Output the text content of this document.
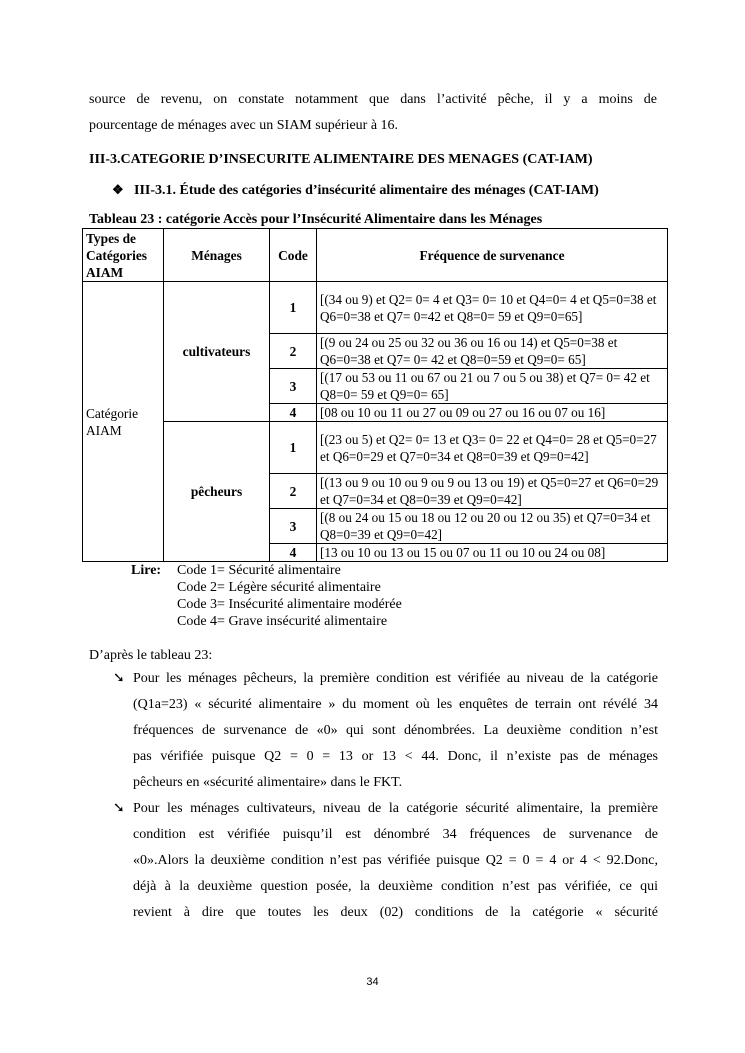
source de revenu, on constate notamment que dans l’activité pêche, il y a moins de
pourcentage de ménages avec un SIAM supérieur à 16.
III-3.CATEGORIE D’INSECURITE ALIMENTAIRE DES MENAGES (CAT-IAM)
❖ III-3.1. Étude des catégories d’insécurité alimentaire des ménages (CAT-IAM)
Tableau 23 : catégorie Accès pour l’Insécurité Alimentaire dans les Ménages
Types de
Catégories
AIAM	Ménages	Code	Fréquence de survenance

Catégorie
AIAM	cultivateurs	1	[(34 ou 9) et Q2= 0= 4 et Q3= 0= 10 et Q4=0= 4 et Q5=0=38 et Q6=0=38 et Q7= 0=42 et Q8=0= 59 et Q9=0=65]
		2	[(9 ou 24 ou 25 ou 32 ou 36 ou 16 ou 14) et Q5=0=38 et Q6=0=38 et Q7= 0= 42 et Q8=0=59 et Q9=0= 65]
		3	[(17 ou 53 ou 11 ou 67 ou 21 ou 7 ou 5 ou 38) et Q7= 0= 42 et Q8=0= 59 et Q9=0= 65]
		4	[08 ou 10 ou 11 ou 27 ou 09 ou 27 ou 16 ou 07 ou 16]
	pêcheurs	1	[(23 ou 5) et Q2= 0= 13 et Q3= 0= 22 et Q4=0= 28 et Q5=0=27 et Q6=0=29 et Q7=0=34 et Q8=0=39 et Q9=0=42]
		2	[(13 ou 9 ou 10 ou 9 ou 9 ou 13 ou 19) et Q5=0=27 et Q6=0=29 et Q7=0=34 et Q8=0=39 et Q9=0=42]
		3	[(8 ou 24 ou 15 ou 18 ou 12 ou 20 ou 12 ou 35) et Q7=0=34 et Q8=0=39 et Q9=0=42]
		4	[13 ou 10 ou 13 ou 15 ou 07 ou 11 ou 10 ou 24 ou 08]
Lire:	Code 1= Sécurité alimentaire
Code 2= Légère sécurité alimentaire
Code 3= Insécurité alimentaire modérée
Code 4= Grave insécurité alimentaire
D’après le tableau 23:
➘ Pour les ménages pêcheurs, la première condition est vérifiée au niveau de la catégorie
(Q1a=23) « sécurité alimentaire » du moment où les enquêtes de terrain ont révélé 34
fréquences de survenance de «0» qui sont dénombrées. La deuxième condition n’est
pas vérifiée puisque Q2 = 0 = 13 or 13 < 44. Donc, il n’existe pas de ménages
pêcheurs en «sécurité alimentaire» dans le FKT.
➘ Pour les ménages cultivateurs, niveau de la catégorie sécurité alimentaire, la première
condition est vérifiée puisqu’il est dénombré 34 fréquences de survenance de
«0».Alors la deuxième condition n’est pas vérifiée puisque Q2 = 0 = 4 or 4 < 92.Donc,
déjà à la deuxième question posée, la deuxième condition n’est pas vérifiée, ce qui
revient à dire que toutes les deux (02) conditions de la catégorie « sécurité
34
